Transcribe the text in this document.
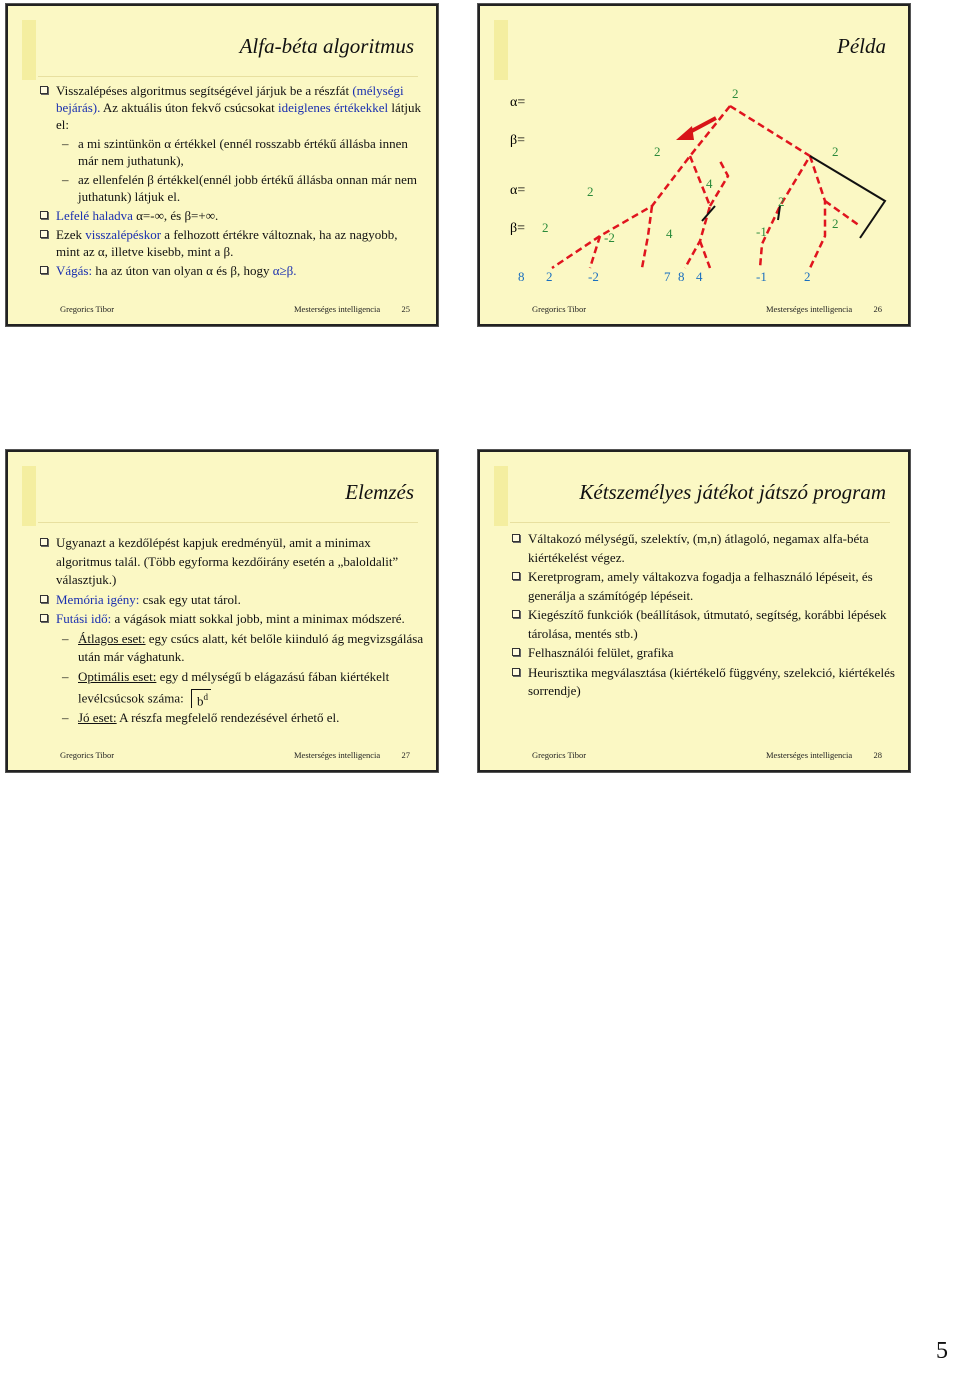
Alfa-béta algoritmus
Visszalépéses algoritmus segítségével járjuk be a részfát (mélységi bejárás). Az aktuális úton fekvő csúcsokat ideiglenes értékekkel látjuk el:
– a mi szintünkön α értékkel (ennél rosszabb értékű állásba innen már nem juthatunk),
– az ellenfelén β értékkel(ennél jobb értékű állásba onnan már nem juthatunk) látjuk el.
Lefelé haladva α=-∞, és β=+∞.
Ezek visszalépéskor a felhozott értékre változnak, ha az nagyobb, mint az α, illetve kisebb, mint a β.
Vágás: ha az úton van olyan α és β, hogy α≥β.
Gregorics Tibor	Mesterséges intelligencia	25
Példa
α=
β=
α=
β=
2
2	2
2
4
2
2
-2	4	-1
2
8 2	-2	7 8 4	-1	2
Gregorics Tibor	Mesterséges intelligencia	26
Elemzés
Ugyanazt a kezdőlépést kapjuk eredményül, amit a minimax algoritmus talál. (Több egyforma kezdőirány esetén a „baloldalit” választjuk.)
Memória igény: csak egy utat tárol.
Futási idő: a vágások miatt sokkal jobb, mint a minimax módszeré.
– Átlagos eset: egy csúcs alatt, két belőle kiinduló ág megvizsgálása után már vághatunk.
– Optimális eset: egy d mélységű b elágazású fában kiértékelt levélcsúcsok száma: $b^d$
– Jó eset: A részfa megfelelő rendezésével érhető el.
Gregorics Tibor	Mesterséges intelligencia	27
Kétszemélyes játékot játszó program
Váltakozó mélységű, szelektív, (m,n) átlagoló, negamax alfa-béta kiértékelést végez.
Keretprogram, amely váltakozva fogadja a felhasználó lépéseit, és generálja a számítógép lépéseit.
Kiegészítő funkciók (beállítások, útmutató, segítség, korábbi lépések tárolása, mentés stb.)
Felhasználói felület, grafika
Heurisztika megválasztása (kiértékelő függvény, szelekció, kiértékelés sorrendje)
Gregorics Tibor	Mesterséges intelligencia	28
5
